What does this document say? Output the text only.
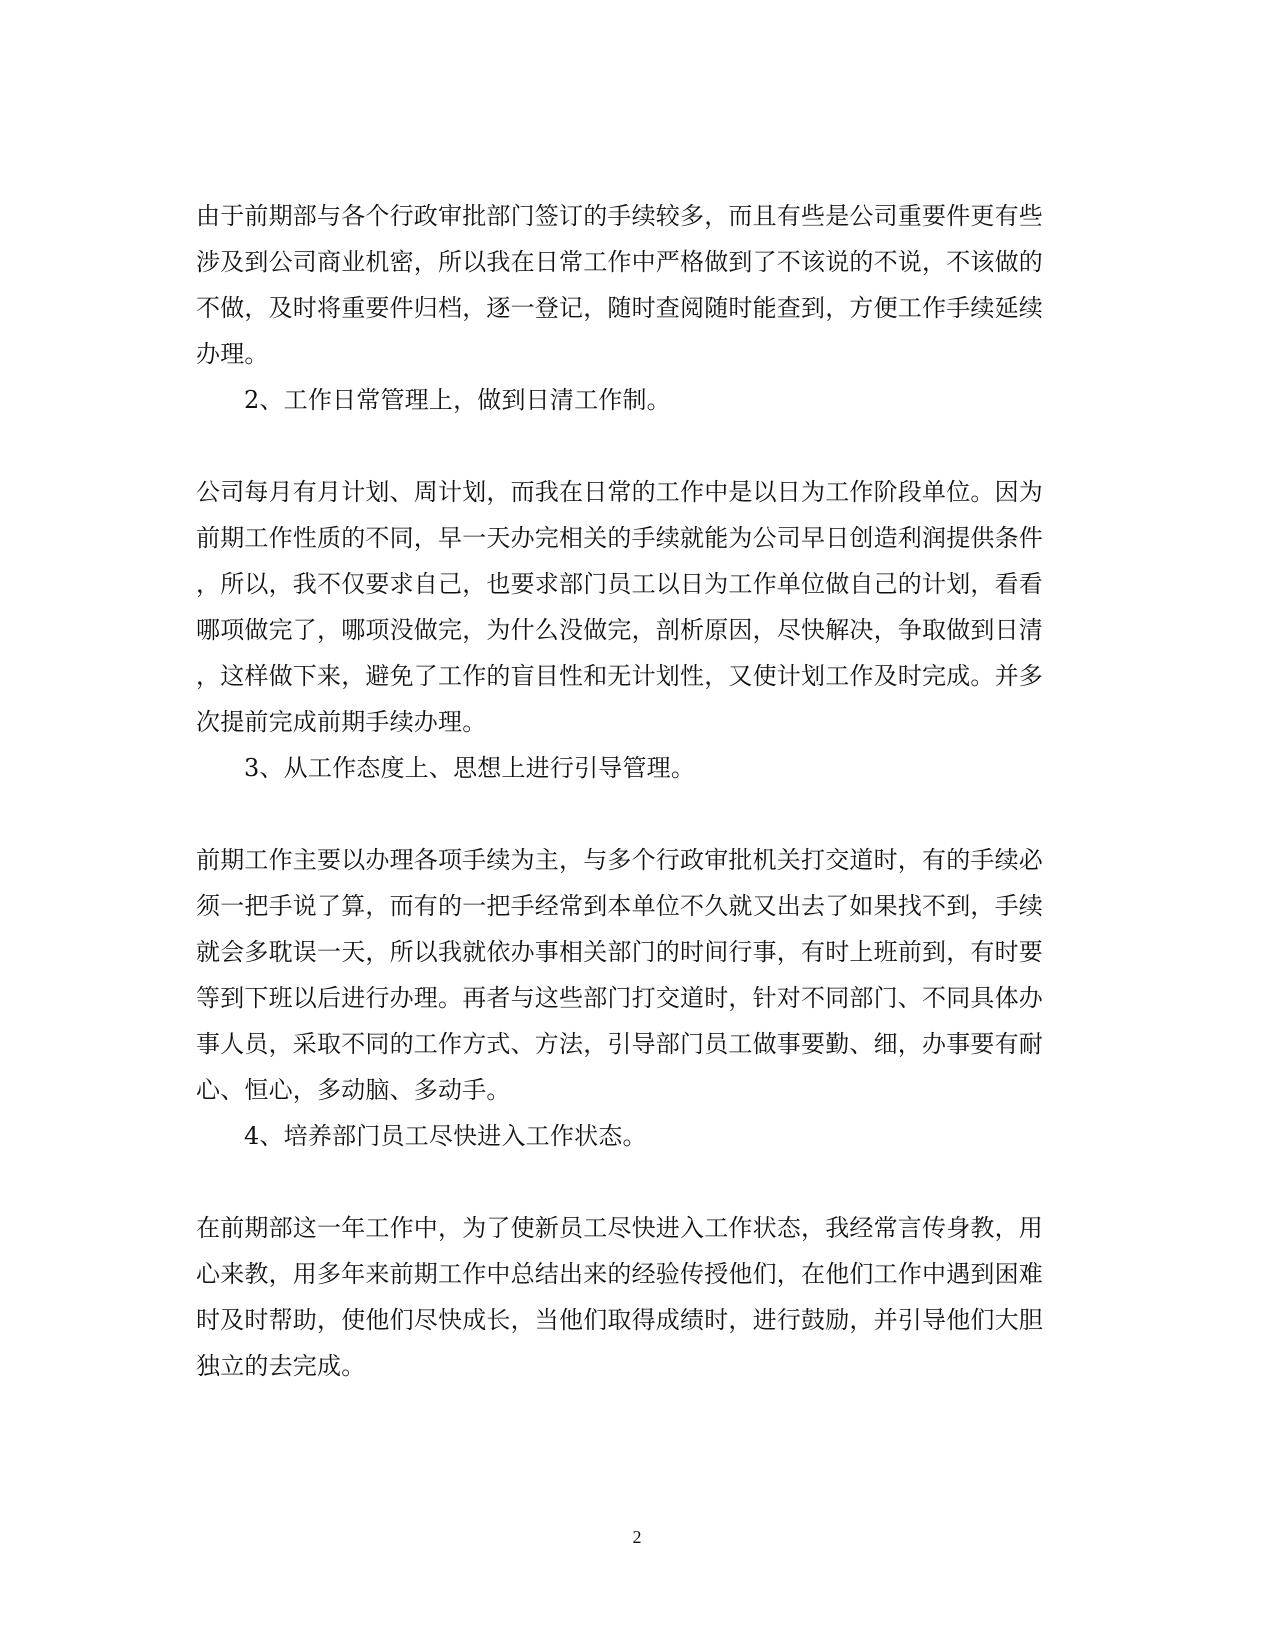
由于前期部与各个行政审批部门签订的手续较多，而且有些是公司重要件更有些
涉及到公司商业机密，所以我在日常工作中严格做到了不该说的不说，不该做的
不做，及时将重要件归档，逐一登记，随时查阅随时能查到，方便工作手续延续
办理。
2、工作日常管理上，做到日清工作制。
公司每月有月计划、周计划，而我在日常的工作中是以日为工作阶段单位。因为
前期工作性质的不同，早一天办完相关的手续就能为公司早日创造利润提供条件
，所以，我不仅要求自己，也要求部门员工以日为工作单位做自己的计划，看看
哪项做完了，哪项没做完，为什么没做完，剖析原因，尽快解决，争取做到日清
，这样做下来，避免了工作的盲目性和无计划性，又使计划工作及时完成。并多
次提前完成前期手续办理。
3、从工作态度上、思想上进行引导管理。
前期工作主要以办理各项手续为主，与多个行政审批机关打交道时，有的手续必
须一把手说了算，而有的一把手经常到本单位不久就又出去了如果找不到，手续
就会多耽误一天，所以我就依办事相关部门的时间行事，有时上班前到，有时要
等到下班以后进行办理。再者与这些部门打交道时，针对不同部门、不同具体办
事人员，采取不同的工作方式、方法，引导部门员工做事要勤、细，办事要有耐
心、恒心，多动脑、多动手。
4、培养部门员工尽快进入工作状态。
在前期部这一年工作中，为了使新员工尽快进入工作状态，我经常言传身教，用
心来教，用多年来前期工作中总结出来的经验传授他们，在他们工作中遇到困难
时及时帮助，使他们尽快成长，当他们取得成绩时，进行鼓励，并引导他们大胆
独立的去完成。
2
